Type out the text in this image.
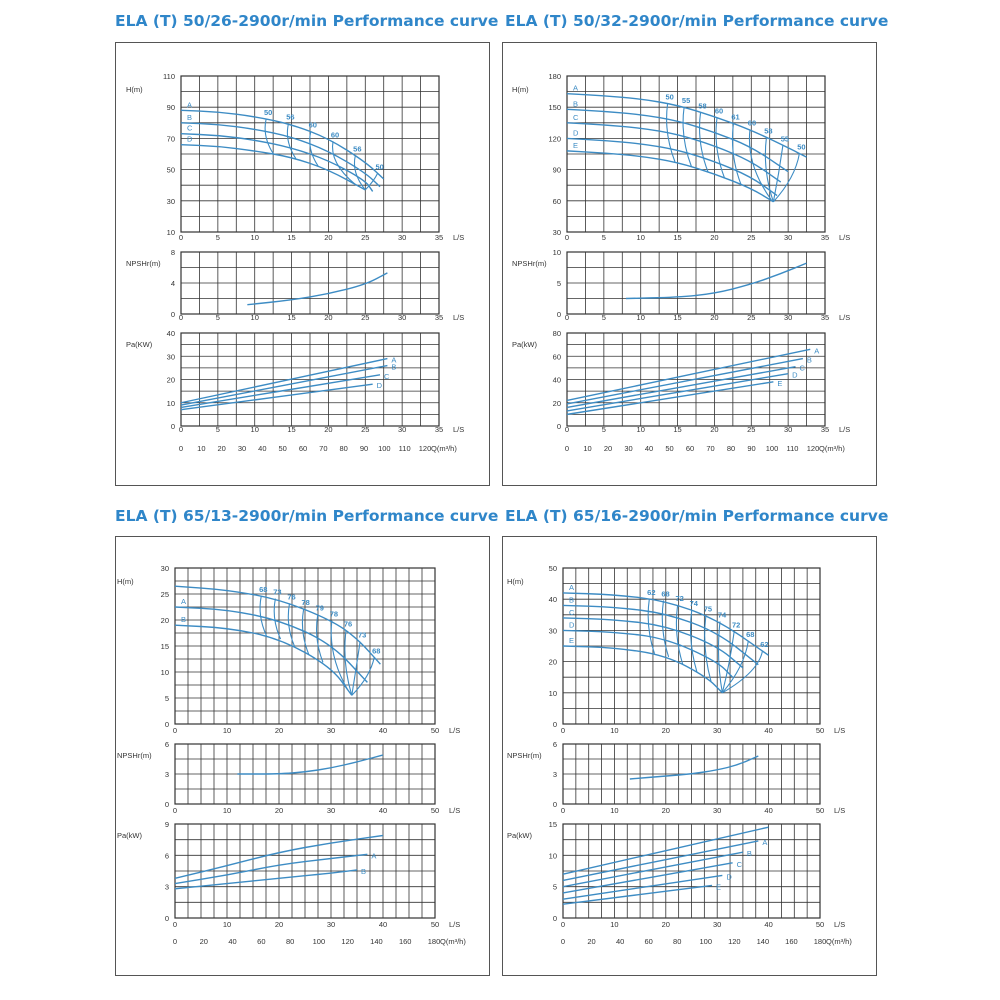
ELA (T) 50/26-2900r/min Performance curve ELA (T) 50/32-2900r/min Performance curve
ELA (T) 65/13-2900r/min Performance curve ELA (T) 65/16-2900r/min Performance curve
10
30
50
70
90
110
0	5	10	15	20	25	30	35 L/S
H(m)
A
B
C
D
50
56
60
60
56
50
0
4
8
0	5	10	15	20	25	30	35 L/S
NPSHr(m)
0
10
20
30
40
0	5	10	15	20	25	30	35 L/S
Pa(KW)
A
B
C
D
0 10 20 30 40 50 60 70 80 90 100 110 120 Q(m³/h)
30
60
90
120
150
180
0	5	10	15	20	25	30	35 L/S
H(m)	A
B
C
D
E
50 55
58
60
61
60
58
55
50
0
5
10
0	5	10	15	20	25	30	35 L/S
NPSHr(m)
0
20
40
60
80
0	5	10	15	20	25	30	35 L/S
Pa(kW)
A
B
C
D
E
0 10 20 30 40 50 60 70 80 90 100 110 120 Q(m³/h)
0
5
10
15
20
25
30
0	10	20	30	40	50 L/S
H(m)
A
B
68 73
76
78
79
78
76
73
68
0
3
6
0	10	20	30	40	50 L/S
NPSHr(m)
0
3
6
9
0	10	20	30	40	50 L/S
Pa(kW)
A
B
0	20	40	60	80 100 120 140 160 180 Q(m³/h)
0
10
20
30
40
50
0	10	20	30	40	50 L/S
H(m)
A
B
C
D
E
62 68
72
74
75
74
72
68
62
0
3
6
0	10	20	30	40	50 L/S
NPSHr(m)
0
5
10
15
0	10	20	30	40	50 L/S
Pa(kW)
A
B
C
D
E
0	20	40	60	80 100 120 140 160 180 Q(m³/h)
